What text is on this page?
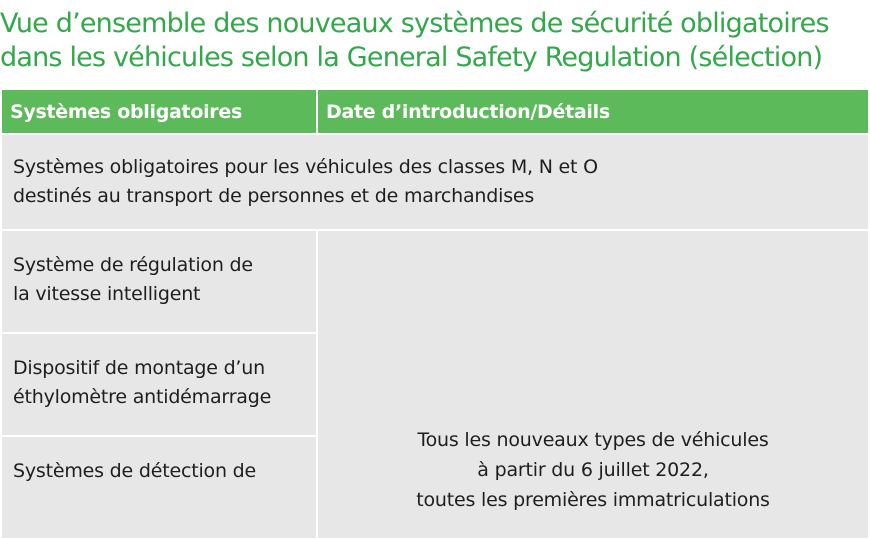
Vue d’ensemble des nouveaux systèmes de sécurité obligatoires
dans les véhicules selon la General Safety Regulation (sélection)
Systèmes obligatoires	Date d’introduction/Détails

Systèmes obligatoires pour les véhicules des classes M, N et O
destinés au transport de personnes et de marchandises	

Système de régulation de
la vitesse intelligent	Tous les nouveaux types de véhicules
à partir du 6 juillet 2022,
toutes les premières immatriculations

Dispositif de montage d’un
éthylomètre antidémarrage	

Systèmes de détection de	
